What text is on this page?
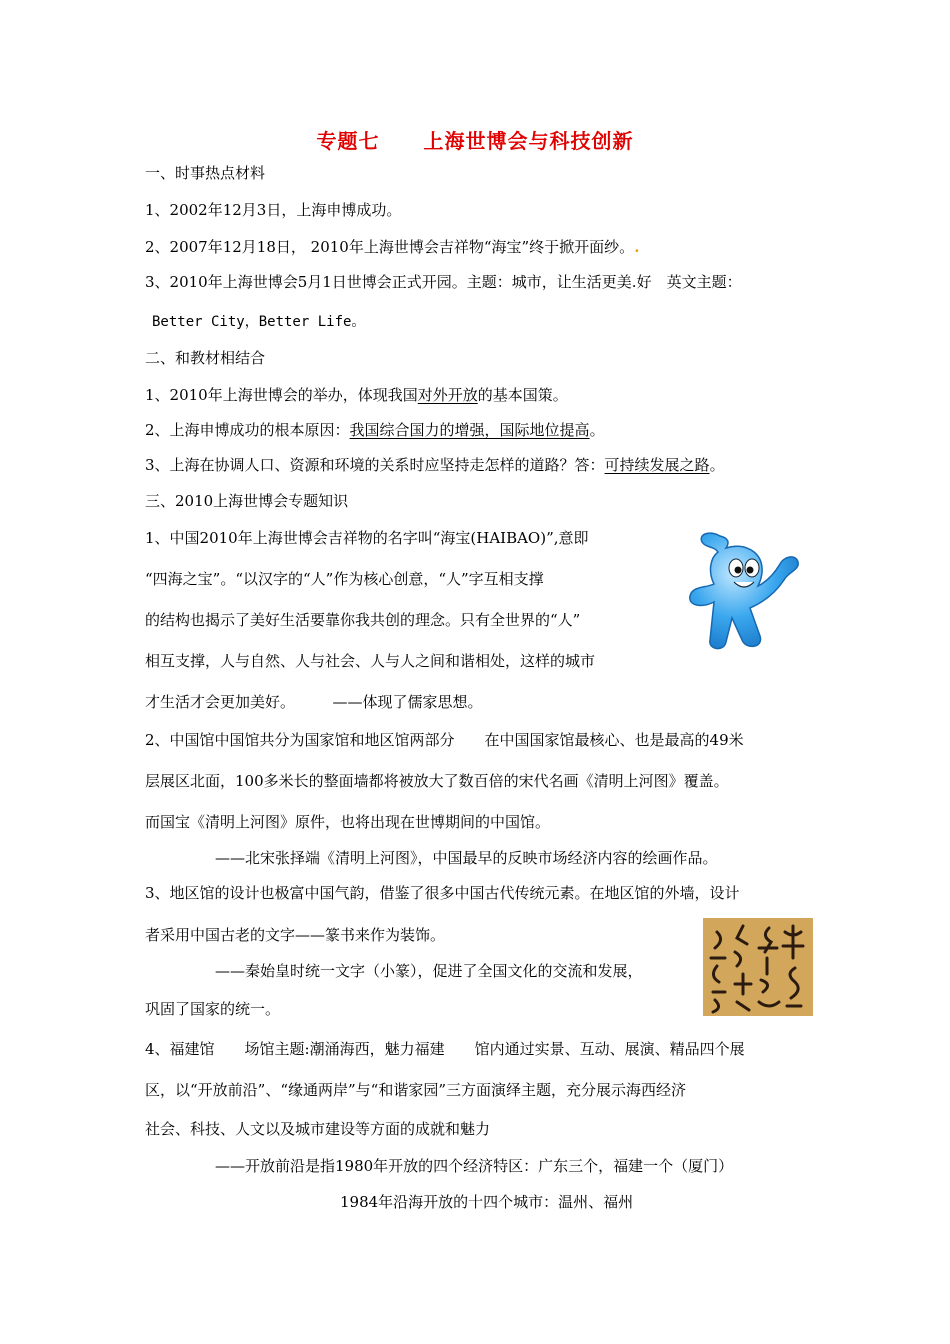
专题七 上海世博会与科技创新
一、时事热点材料
1、2002年12月3日，上海申博成功。
2、2007年12月18日， 2010年上海世博会吉祥物“海宝”终于掀开面纱。.
3、2010年上海世博会5月1日世博会正式开园。主题：城市，让生活更美.好　英文主题：
Better City，Better Life。
二、和教材相结合
1、2010年上海世博会的举办，体现我国对外开放的基本国策。
2、上海申博成功的根本原因：我国综合国力的增强，国际地位提高。
3、上海在协调人口、资源和环境的关系时应坚持走怎样的道路？答：可持续发展之路。
三、2010上海世博会专题知识
1、中国2010年上海世博会吉祥物的名字叫“海宝(HAIBAO)”,意即
“四海之宝”。“以汉字的“人”作为核心创意，“人”字互相支撑
的结构也揭示了美好生活要靠你我共创的理念。只有全世界的“人”
相互支撑，人与自然、人与社会、人与人之间和谐相处，这样的城市
才生活才会更加美好。　　　——体现了儒家思想。
2、中国馆中国馆共分为国家馆和地区馆两部分　　在中国国家馆最核心、也是最高的49米
层展区北面，100多米长的整面墙都将被放大了数百倍的宋代名画《清明上河图》覆盖。
而国宝《清明上河图》原件，也将出现在世博期间的中国馆。
——北宋张择端《清明上河图》，中国最早的反映市场经济内容的绘画作品。
3、地区馆的设计也极富中国气韵，借鉴了很多中国古代传统元素。在地区馆的外墙，设计
者采用中国古老的文字——篆书来作为装饰。
——秦始皇时统一文字（小篆），促进了全国文化的交流和发展，
巩固了国家的统一。
4、福建馆　　场馆主题:潮涌海西，魅力福建　　馆内通过实景、互动、展演、精品四个展
区，以“开放前沿”、“缘通两岸”与“和谐家园”三方面演绎主题，充分展示海西经济
社会、科技、人文以及城市建设等方面的成就和魅力
——开放前沿是指1980年开放的四个经济特区：广东三个，福建一个（厦门）
1984年沿海开放的十四个城市：温州、福州
